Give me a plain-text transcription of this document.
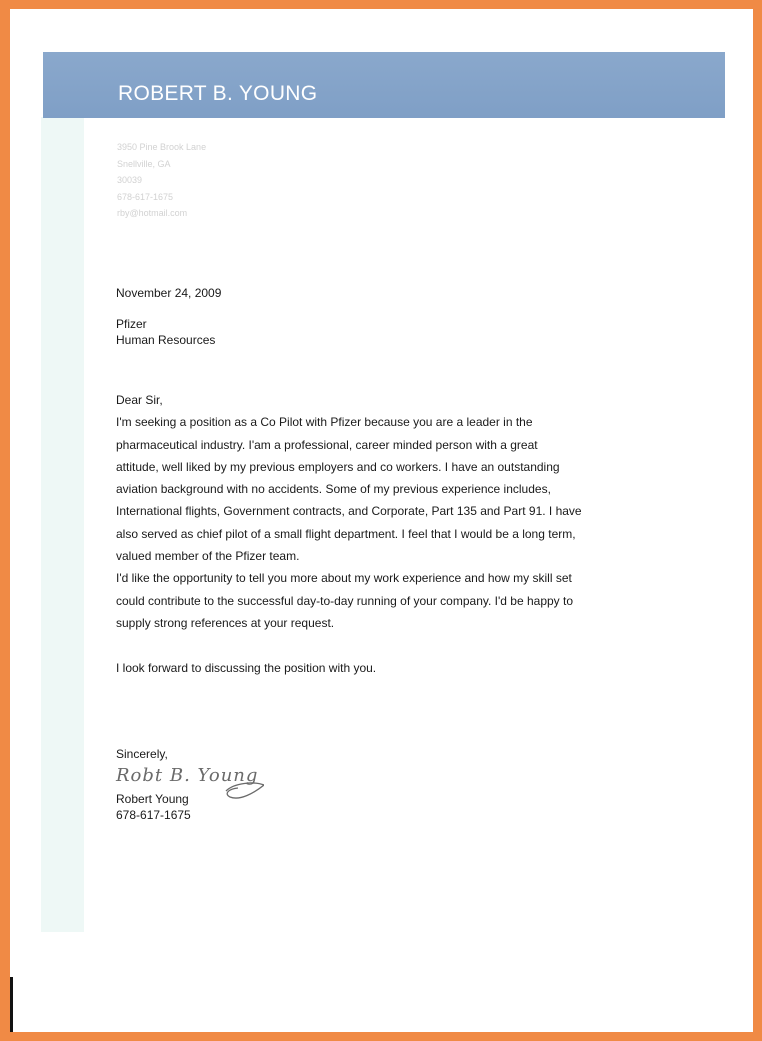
ROBERT B. YOUNG
3950 Pine Brook Lane
Snellville, GA
30039
678-617-1675
rby@hotmail.com
November 24, 2009
Pfizer
Human Resources

Dear Sir,

I'm seeking a position as a Co Pilot with Pfizer because you are a leader in the

pharmaceutical industry. I'am a professional, career minded person with a great

attitude, well liked by my previous employers and co workers. I have an outstanding

aviation background with no accidents. Some of my previous experience includes,

International flights, Government contracts, and Corporate, Part 135 and Part 91. I have

also served as chief pilot of a small flight department. I feel that I would be a long term,

valued member of the Pfizer team.

I'd like the opportunity to tell you more about my work experience and how my skill set

could contribute to the successful day-to-day running of your company. I'd be happy to

supply strong references at your request.

I look forward to discussing the position with you.

Sincerely,
Robt B. Young
Robert Young
678-617-1675
